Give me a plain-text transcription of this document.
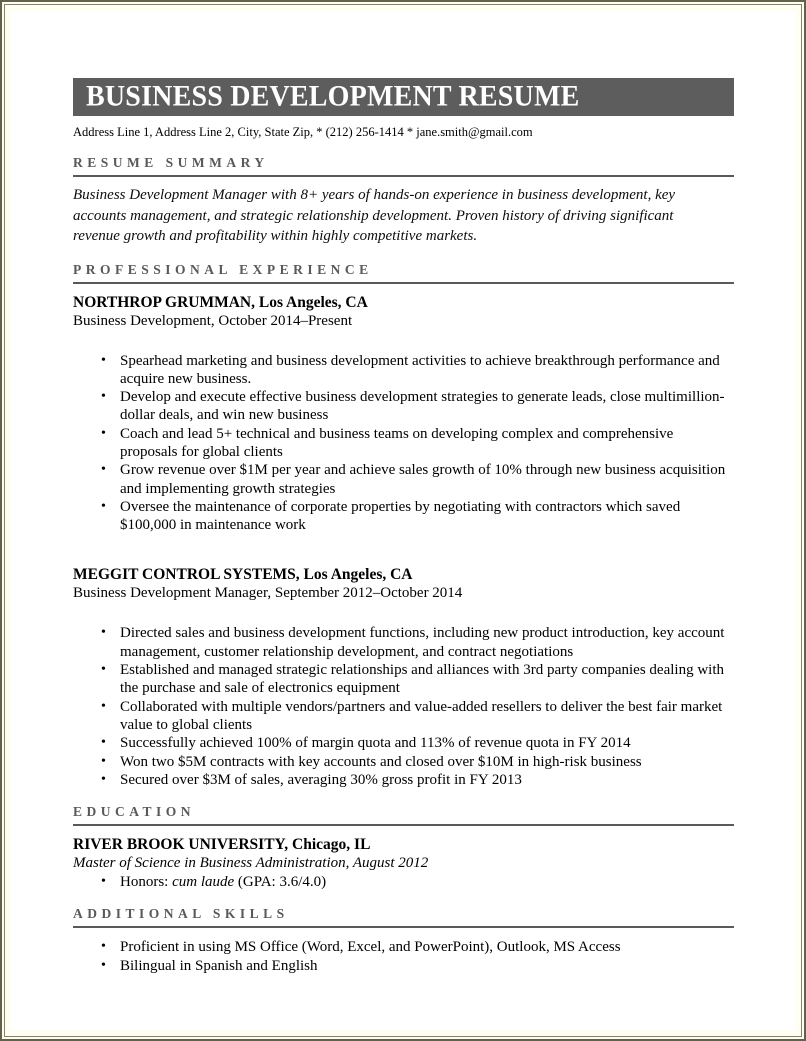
BUSINESS DEVELOPMENT RESUME
Address Line 1, Address Line 2, City, State Zip, * (212) 256-1414 * jane.smith@gmail.com
RESUME SUMMARY
Business Development Manager with 8+ years of hands-on experience in business development, key accounts management, and strategic relationship development. Proven history of driving significant revenue growth and profitability within highly competitive markets.
PROFESSIONAL EXPERIENCE
NORTHROP GRUMMAN, Los Angeles, CA
Business Development, October 2014–Present
• Spearhead marketing and business development activities to achieve breakthrough performance and acquire new business.
• Develop and execute effective business development strategies to generate leads, close multimillion-dollar deals, and win new business
• Coach and lead 5+ technical and business teams on developing complex and comprehensive proposals for global clients
• Grow revenue over $1M per year and achieve sales growth of 10% through new business acquisition and implementing growth strategies
• Oversee the maintenance of corporate properties by negotiating with contractors which saved $100,000 in maintenance work
MEGGIT CONTROL SYSTEMS, Los Angeles, CA
Business Development Manager, September 2012–October 2014
• Directed sales and business development functions, including new product introduction, key account management, customer relationship development, and contract negotiations
• Established and managed strategic relationships and alliances with 3rd party companies dealing with the purchase and sale of electronics equipment
• Collaborated with multiple vendors/partners and value-added resellers to deliver the best fair market value to global clients
• Successfully achieved 100% of margin quota and 113% of revenue quota in FY 2014
• Won two $5M contracts with key accounts and closed over $10M in high-risk business
• Secured over $3M of sales, averaging 30% gross profit in FY 2013
EDUCATION
RIVER BROOK UNIVERSITY, Chicago, IL
Master of Science in Business Administration, August 2012
• Honors: cum laude (GPA: 3.6/4.0)
ADDITIONAL SKILLS
• Proficient in using MS Office (Word, Excel, and PowerPoint), Outlook, MS Access
• Bilingual in Spanish and English
